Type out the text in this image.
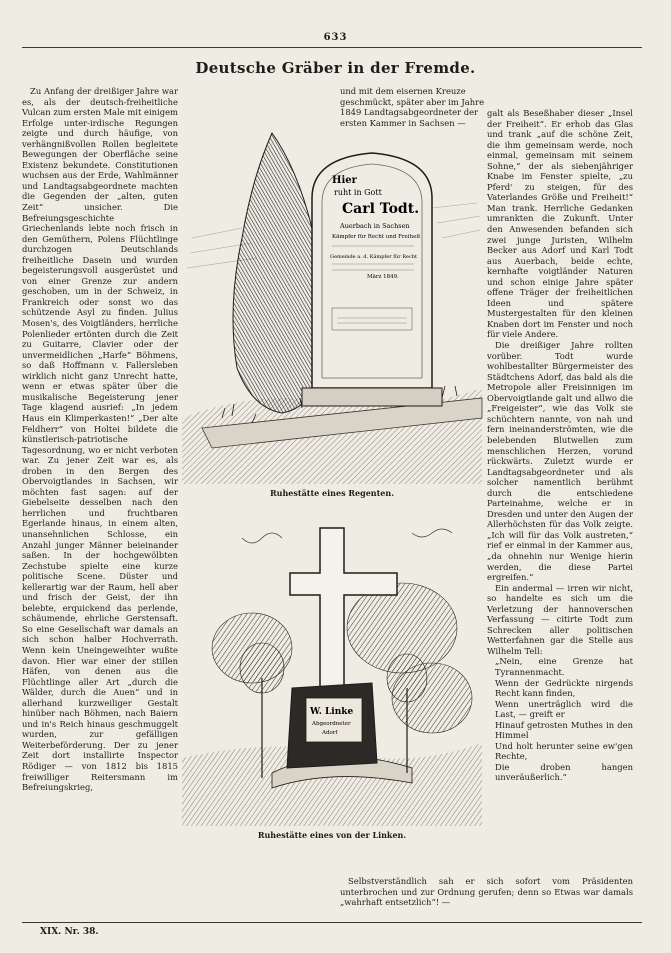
633
Deutsche Gräber in der Fremde.

Zu Anfang der dreißiger Jahre war es, als der deutsch-freiheitliche Vulcan zum ersten Male mit einigem Erfolge unter-irdische Regungen zeigte und durch häufige, von verhängnißvollen Rollen begleitete Bewegungen der Oberfläche seine Existenz bekundete. Constitutionen wuchsen aus der Erde, Wahlmänner und Landtagsabgeordnete machten die Gegenden der „alten, guten Zeit“ unsicher. Die Befreiungsgeschichte Griechenlands lebte noch frisch in den Gemüthern, Polens Flüchtlinge durchzogen Deutschlands freiheitliche Dasein und wurden begeisterungsvoll ausgerüstet und von einer Grenze zur andern geschoben, um in der Schweiz, in Frankreich oder sonst wo das schützende Asyl zu finden. Julius Mosen's, des Voigtländers, herrliche Polenlieder ertönten durch die Zeit zu Guitarre, Clavier oder der unvermeidlichen „Harfe“ Böhmens, so daß Hoffmann v. Fallersleben wirklich nicht ganz Unrecht hatte, wenn er etwas später über die musikalische Begeisterung jener Tage klagend ausrief: „In jedem Haus ein Klimperkasten!“ „Der alte Feldherr“ von Holtei bildete die künstlerisch-patriotische Tagesordnung, wo er nicht verboten war. Zu jener Zeit war es, als droben in den Bergen des Obervoigtlandes in Sachsen, wir möchten fast sagen: auf der Giebelseite desselben nach den herrlichen und fruchtbaren Egerlande hinaus, in einem alten, unansehnlichen Schlosse, ein Anzahl junger Männer beieinander saßen. In der hochgewölbten Zechstube spielte eine kurze politische Scene. Düster und kellerartig war der Raum, hell aber und frisch der Geist, der ihn belebte, erquickend das perlende, schäumende, ehrliche Gerstensaft. So eine Gesellschaft war damals an sich schon halber Hochverrath. Wenn kein Uneingeweihter wußte davon. Hier war einer der stillen Häfen, von denen aus die Flüchtlinge aller Art „durch die Wälder, durch die Auen“ und in allerhand kurzweiliger Gestalt hinüber nach Böhmen, nach Baiern und in's Reich hinaus geschmuggelt wurden, zur gefälligen Weiterbeförderung. Der zu jener Zeit dort installirte Inspector Rödiger — von 1812 bis 1815 freiwilliger Reitersmann im Befreiungskrieg,

und mit dem eisernen Kreuze geschmückt, später aber im Jahre 1849 Landtagsabgeordneter der ersten Kammer in Sachsen —

galt als Beseßhaber dieser „Insel der Freiheit“. Er erhob das Glas und trank „auf die schöne Zeit, die ihm gemeinsam werde, noch einmal, gemeinsam mit seinem Sohne,“ der als siebenjähriger Knabe im Fenster spielte, „zu Pferd' zu steigen, für des Vaterlandes Größe und Freiheit!“ Man trank. Herrliche Gedanken umrankten die Zukunft. Unter den Anwesenden befanden sich zwei junge Juristen, Wilhelm Becker aus Adorf und Karl Todt aus Auerbach, beide echte, kernhafte voigtländer Naturen und schon einige Jahre später offene Träger der freiheitlichen Ideen und spätere Mustergestalten für den kleinen Knaben dort im Fenster und noch für viele Andere.

Die dreißiger Jahre rollten vorüber. Todt wurde wohlbestallter Bürgermeister des Städtchens Adorf, das bald als die Metropole aller Freisinnigen im Obervoigtlande galt und allwo die „Freigeister“, wie das Volk sie schüchtern nannte, von nah und fern ineinanderströmten, wie die belebenden Blutwellen zum menschlichen Herzen, vorund rückwärts. Zuletzt wurde er Landtagsabgeordneter und als solcher namentlich berühmt durch die entschiedene Parteinahme, welche er in Dresden und unter den Augen der Allerhöchsten für das Volk zeigte. „Ich will für das Volk austreten,“ rief er einmal in der Kammer aus, „da ohnehin nur Wenige hierin werden, die diese Partei ergreifen.“

Ein andermal — irren wir nicht, so handelte es sich um die Verletzung der hannoverschen Verfassung — citirte Todt zum Schrecken aller politischen Wetterfahnen gar die Stelle aus Wilhelm Tell:

„Nein, eine Grenze hat Tyrannenmacht.

Wenn der Gedrückte nirgends Recht kann finden,

Wenn unerträglich wird die Last, — greift er

Hinauf getrosten Muthes in den Himmel

Und holt herunter seine ew'gen Rechte,

Die droben hangen unveräußerlich.“

Selbstverständlich sah er sich sofort vom Präsidenten unterbrochen und zur Ordnung gerufen; denn so Etwas war damals „wahrhaft entsetzlich“! —

Hier
ruht in Gott
Carl Todt.
Auerbach in Sachsen
Kämpfer für Recht und Freiheit
Gemeinde a. d. Kämpfer für Recht
März 1849.
Ruhestätte eines Regenten.
W. Linke
Abgeordneter
Adorf
Ruhestätte eines von der Linken.
XIX. Nr. 38.
